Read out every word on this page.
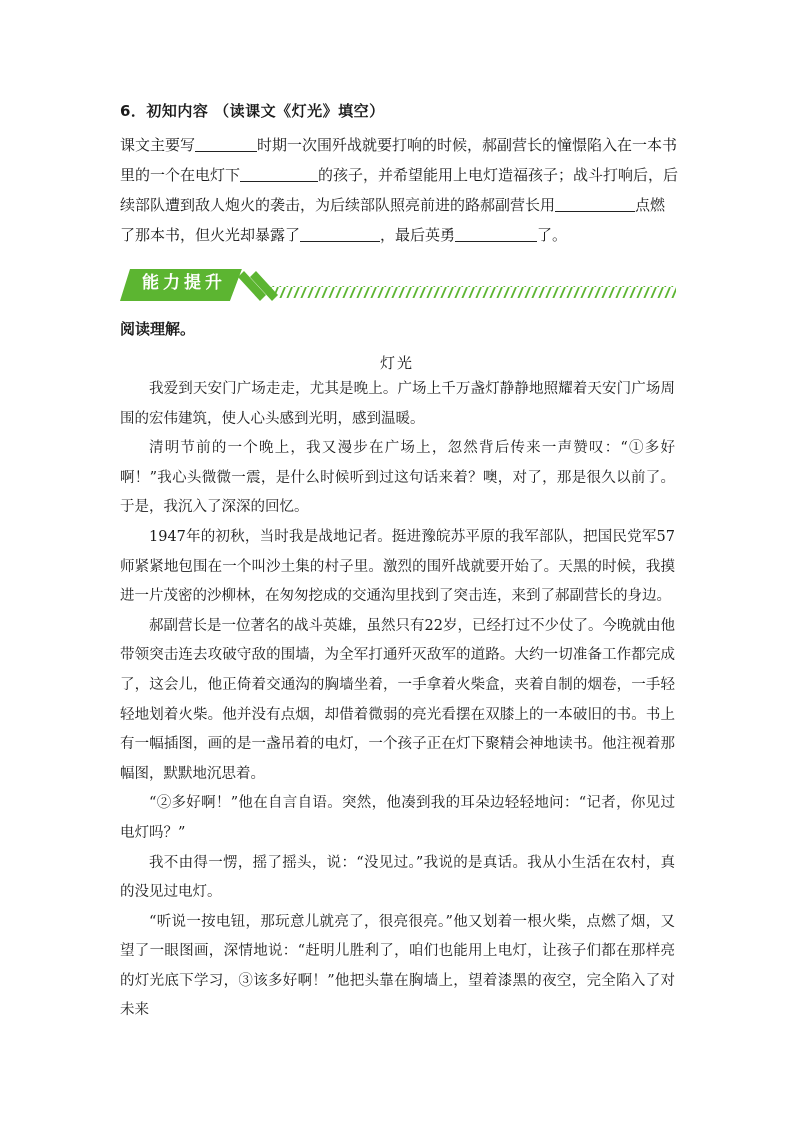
6．初知内容 （读课文《灯光》填空）
课文主要写	时期一次围歼战就要打响的时候，郝副营长的憧憬陷入在一本书里的一个在电灯下	的孩子，并希望能用上电灯造福孩子；战斗打响后，后续部队遭到敌人炮火的袭击，为后续部队照亮前进的路郝副营长用	点燃了那本书，但火光却暴露了	，最后英勇	了。
能力提升
阅读理解。
灯光

我爱到天安门广场走走，尤其是晚上。广场上千万盏灯静静地照耀着天安门广场周围的宏伟建筑，使人心头感到光明，感到温暖。

清明节前的一个晚上，我又漫步在广场上，忽然背后传来一声赞叹：“①多好啊！”我心头微微一震，是什么时候听到过这句话来着？噢，对了，那是很久以前了。于是，我沉入了深深的回忆。

1947年的初秋，当时我是战地记者。挺进豫皖苏平原的我军部队，把国民党军57师紧紧地包围在一个叫沙土集的村子里。激烈的围歼战就要开始了。天黑的时候，我摸进一片茂密的沙柳林，在匆匆挖成的交通沟里找到了突击连，来到了郝副营长的身边。

郝副营长是一位著名的战斗英雄，虽然只有22岁，已经打过不少仗了。今晚就由他带领突击连去攻破守敌的围墙，为全军打通歼灭敌军的道路。大约一切准备工作都完成了，这会儿，他正倚着交通沟的胸墙坐着，一手拿着火柴盒，夹着自制的烟卷，一手轻轻地划着火柴。他并没有点烟，却借着微弱的亮光看摆在双膝上的一本破旧的书。书上有一幅插图，画的是一盏吊着的电灯，一个孩子正在灯下聚精会神地读书。他注视着那幅图，默默地沉思着。

“②多好啊！”他在自言自语。突然，他凑到我的耳朵边轻轻地问：“记者，你见过电灯吗？”

我不由得一愣，摇了摇头，说：“没见过。”我说的是真话。我从小生活在农村，真的没见过电灯。

“听说一按电钮，那玩意儿就亮了，很亮很亮。”他又划着一根火柴，点燃了烟，又望了一眼图画，深情地说：“赶明儿胜利了，咱们也能用上电灯，让孩子们都在那样亮的灯光底下学习，③该多好啊！”他把头靠在胸墙上，望着漆黑的夜空，完全陷入了对未来
